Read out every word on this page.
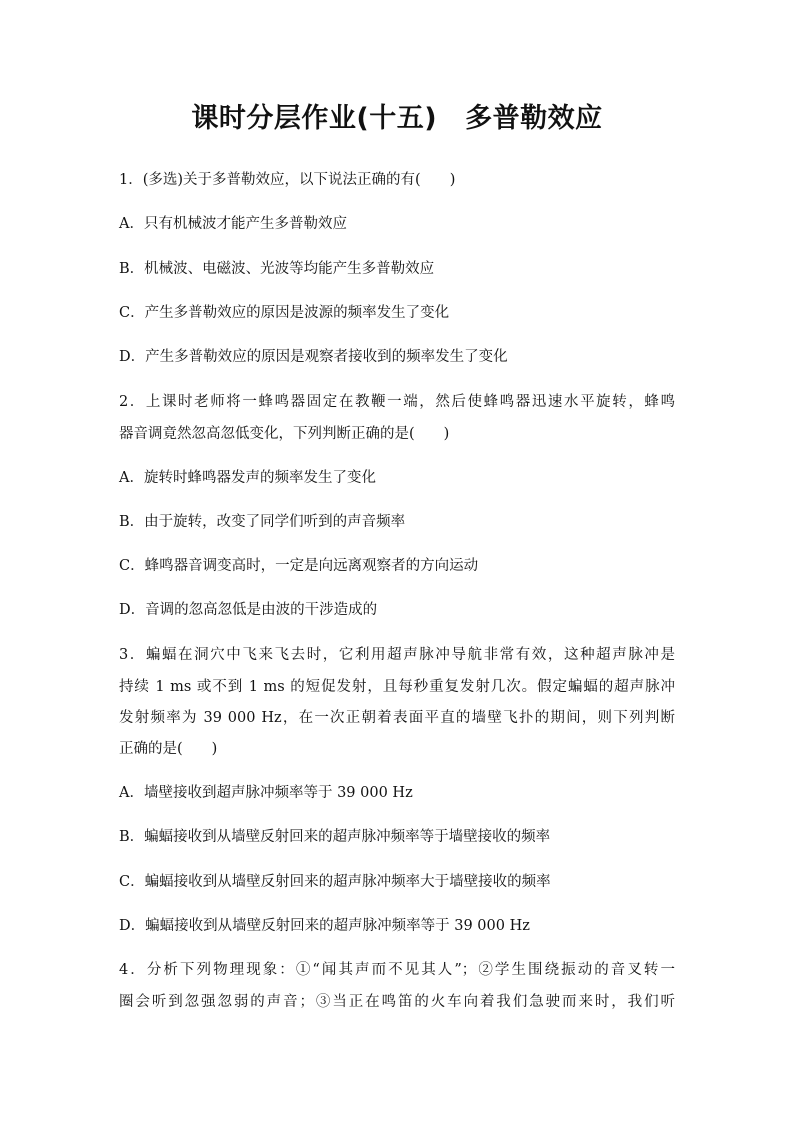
课时分层作业(十五) 多普勒效应
1．(多选)关于多普勒效应，以下说法正确的有(　　)
A．只有机械波才能产生多普勒效应
B．机械波、电磁波、光波等均能产生多普勒效应
C．产生多普勒效应的原因是波源的频率发生了变化
D．产生多普勒效应的原因是观察者接收到的频率发生了变化
2．上课时老师将一蜂鸣器固定在教鞭一端，然后使蜂鸣器迅速水平旋转，蜂鸣
器音调竟然忽高忽低变化，下列判断正确的是(　　)
A．旋转时蜂鸣器发声的频率发生了变化
B．由于旋转，改变了同学们听到的声音频率
C．蜂鸣器音调变高时，一定是向远离观察者的方向运动
D．音调的忽高忽低是由波的干涉造成的
3．蝙蝠在洞穴中飞来飞去时，它利用超声脉冲导航非常有效，这种超声脉冲是
持续 1 ms 或不到 1 ms 的短促发射，且每秒重复发射几次。假定蝙蝠的超声脉冲
发射频率为 39 000 Hz，在一次正朝着表面平直的墙壁飞扑的期间，则下列判断
正确的是(　　)
A．墙壁接收到超声脉冲频率等于 39 000 Hz
B．蝙蝠接收到从墙壁反射回来的超声脉冲频率等于墙壁接收的频率
C．蝙蝠接收到从墙壁反射回来的超声脉冲频率大于墙壁接收的频率
D．蝙蝠接收到从墙壁反射回来的超声脉冲频率等于 39 000 Hz
4．分析下列物理现象：①“闻其声而不见其人”；②学生围绕振动的音叉转一
圈会听到忽强忽弱的声音；③当正在鸣笛的火车向着我们急驶而来时，我们听
